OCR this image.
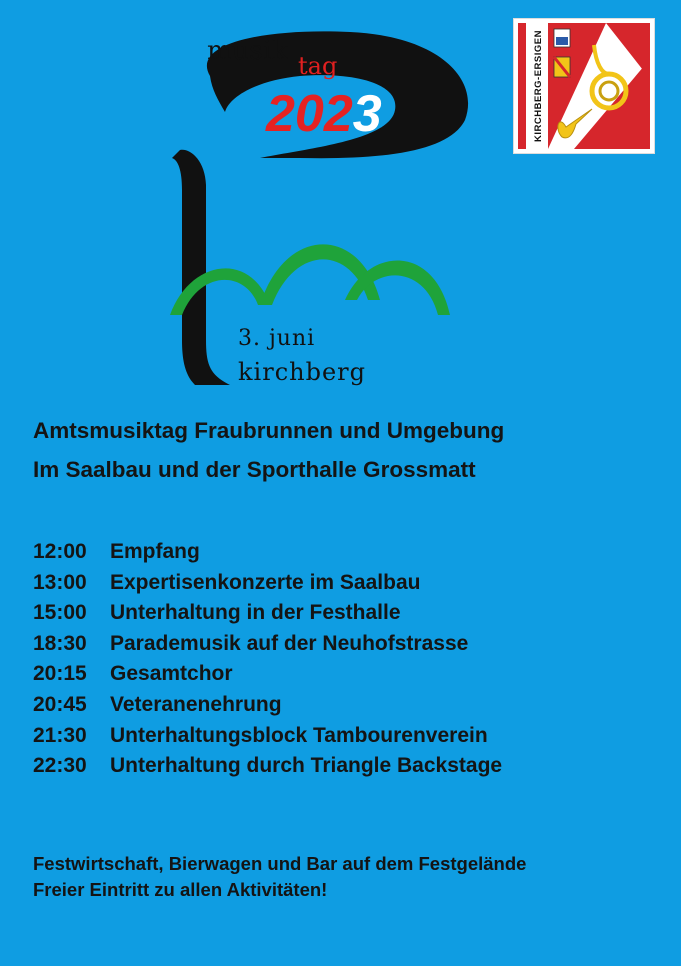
musik tag
2023
3. juni
kirchberg
KIRCHBERG-ERSIGEN
Amtsmusiktag Fraubrunnen und Umgebung
Im Saalbau und der Sporthalle Grossmatt
12:00 Empfang
13:00 Expertisenkonzerte im Saalbau
15:00 Unterhaltung in der Festhalle
18:30 Parademusik auf der Neuhofstrasse
20:15 Gesamtchor
20:45 Veteranenehrung
21:30 Unterhaltungsblock Tambourenverein
22:30 Unterhaltung durch Triangle Backstage
Festwirtschaft, Bierwagen und Bar auf dem Festgelände
Freier Eintritt zu allen Aktivitäten!
